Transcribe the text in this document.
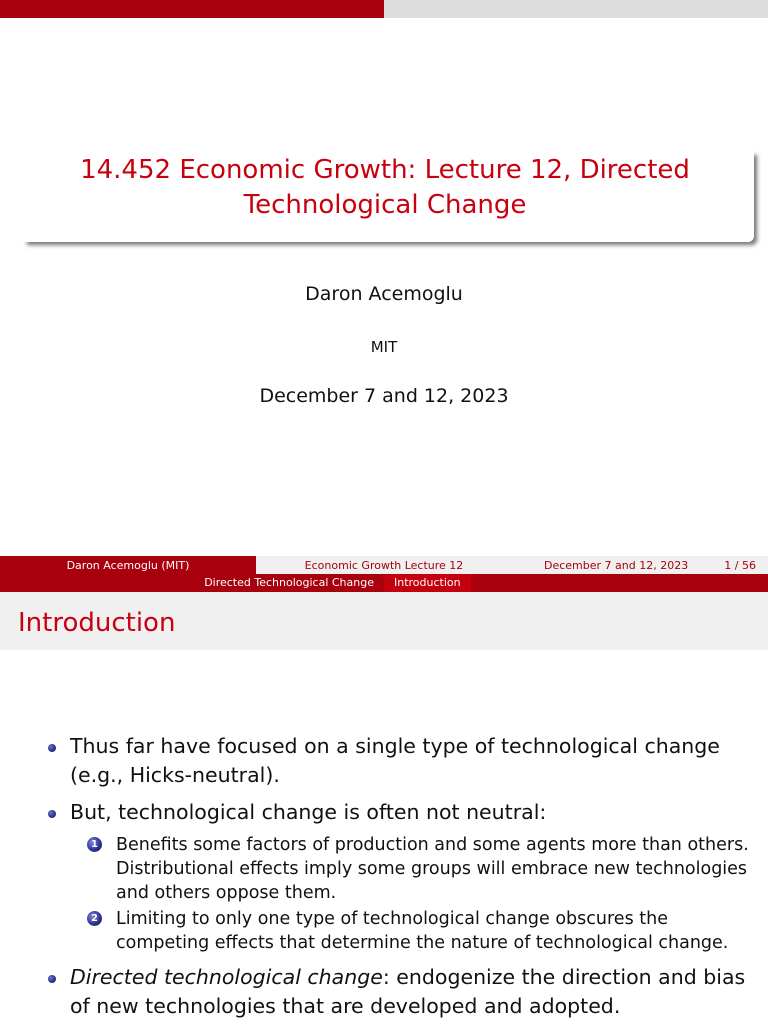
14.452 Economic Growth: Lecture 12, Directed Technological Change
Daron Acemoglu
MIT
December 7 and 12, 2023
Daron Acemoglu (MIT)	Economic Growth Lecture 12	December 7 and 12, 2023	1 / 56
Directed Technological Change	Introduction
Introduction
Thus far have focused on a single type of technological change (e.g., Hicks-neutral).
But, technological change is often not neutral:
1 Benefits some factors of production and some agents more than others. Distributional effects imply some groups will embrace new technologies and others oppose them.
2 Limiting to only one type of technological change obscures the competing effects that determine the nature of technological change.
Directed technological change: endogenize the direction and bias of new technologies that are developed and adopted.
